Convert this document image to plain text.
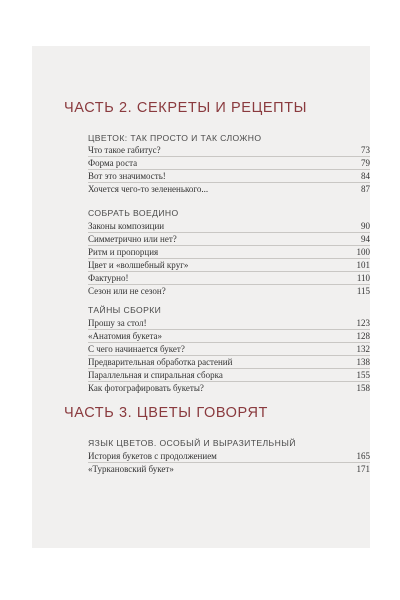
ЧАСТЬ 2. СЕКРЕТЫ И РЕЦЕПТЫ
ЦВЕТОК: ТАК ПРОСТО И ТАК СЛОЖНО
Что такое габитус?	73
Форма роста	79
Вот это значимость!	84
Хочется чего-то зелененького...	87
СОБРАТЬ ВОЕДИНО
Законы композиции	90
Симметрично или нет?	94
Ритм и пропорция	100
Цвет и «волшебный круг»	101
Фактурно!	110
Сезон или не сезон?	115
ТАЙНЫ СБОРКИ
Прошу за стол!	123
«Анатомия букета»	128
С чего начинается букет?	132
Предварительная обработка растений	138
Параллельная и спиральная сборка	155
Как фотографировать букеты?	158
ЧАСТЬ 3. ЦВЕТЫ ГОВОРЯТ
ЯЗЫК ЦВЕТОВ. ОСОБЫЙ И ВЫРАЗИТЕЛЬНЫЙ
История букетов с продолжением	165
«Туркановский букет»	171
